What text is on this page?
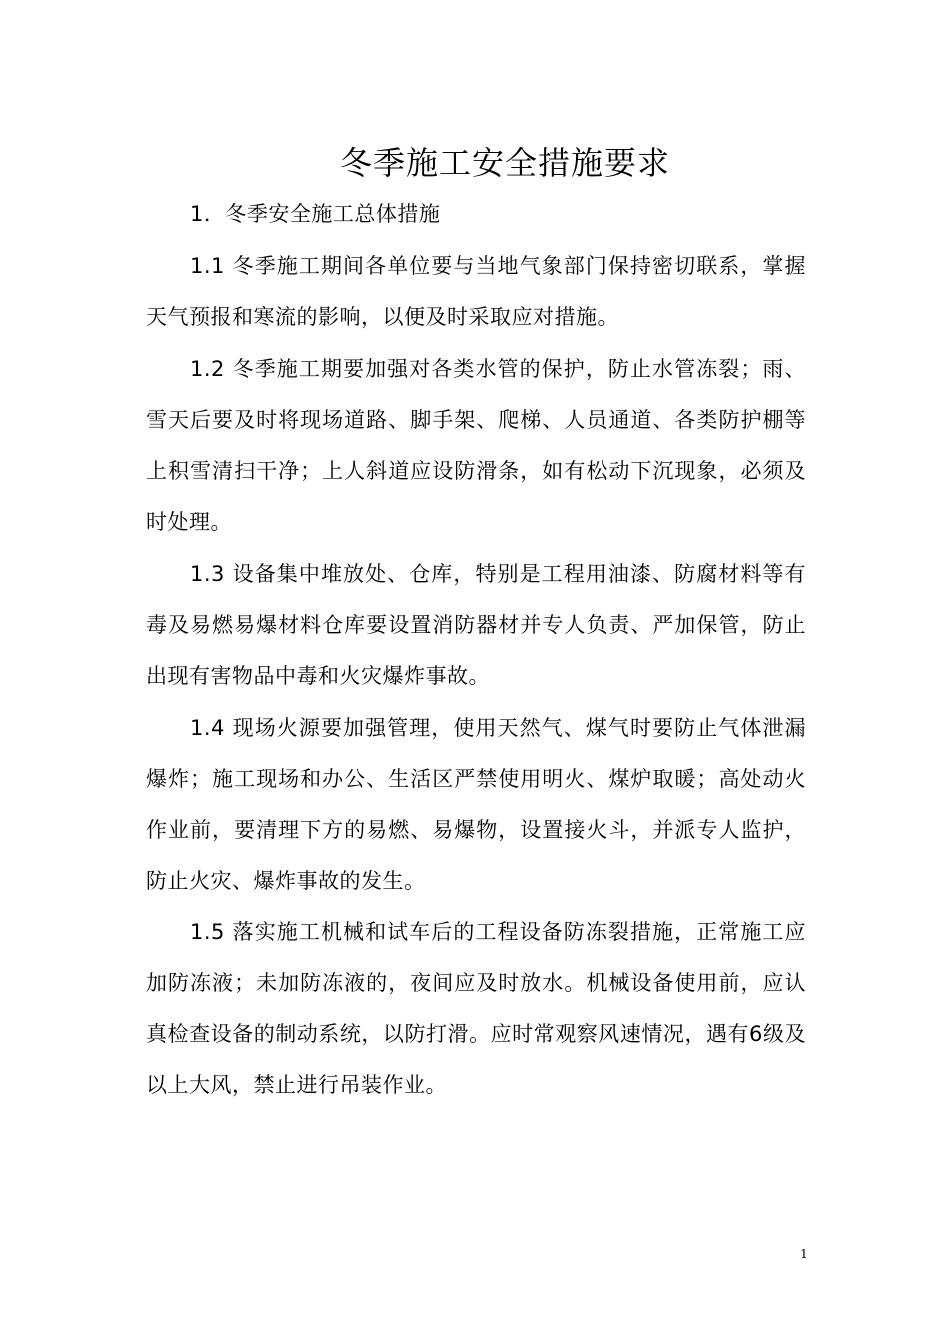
冬季施工安全措施要求

1．冬季安全施工总体措施

1.1 冬季施工期间各单位要与当地气象部门保持密切联系，掌握天气预报和寒流的影响，以便及时采取应对措施。

1.2 冬季施工期要加强对各类水管的保护，防止水管冻裂；雨、雪天后要及时将现场道路、脚手架、爬梯、人员通道、各类防护棚等上积雪清扫干净；上人斜道应设防滑条，如有松动下沉现象，必须及时处理。

1.3 设备集中堆放处、仓库，特别是工程用油漆、防腐材料等有毒及易燃易爆材料仓库要设置消防器材并专人负责、严加保管，防止出现有害物品中毒和火灾爆炸事故。

1.4 现场火源要加强管理，使用天然气、煤气时要防止气体泄漏爆炸；施工现场和办公、生活区严禁使用明火、煤炉取暖；高处动火作业前，要清理下方的易燃、易爆物，设置接火斗，并派专人监护，防止火灾、爆炸事故的发生。

1.5 落实施工机械和试车后的工程设备防冻裂措施，正常施工应加防冻液；未加防冻液的，夜间应及时放水。机械设备使用前，应认真检查设备的制动系统，以防打滑。应时常观察风速情况，遇有6级及以上大风，禁止进行吊装作业。

1
